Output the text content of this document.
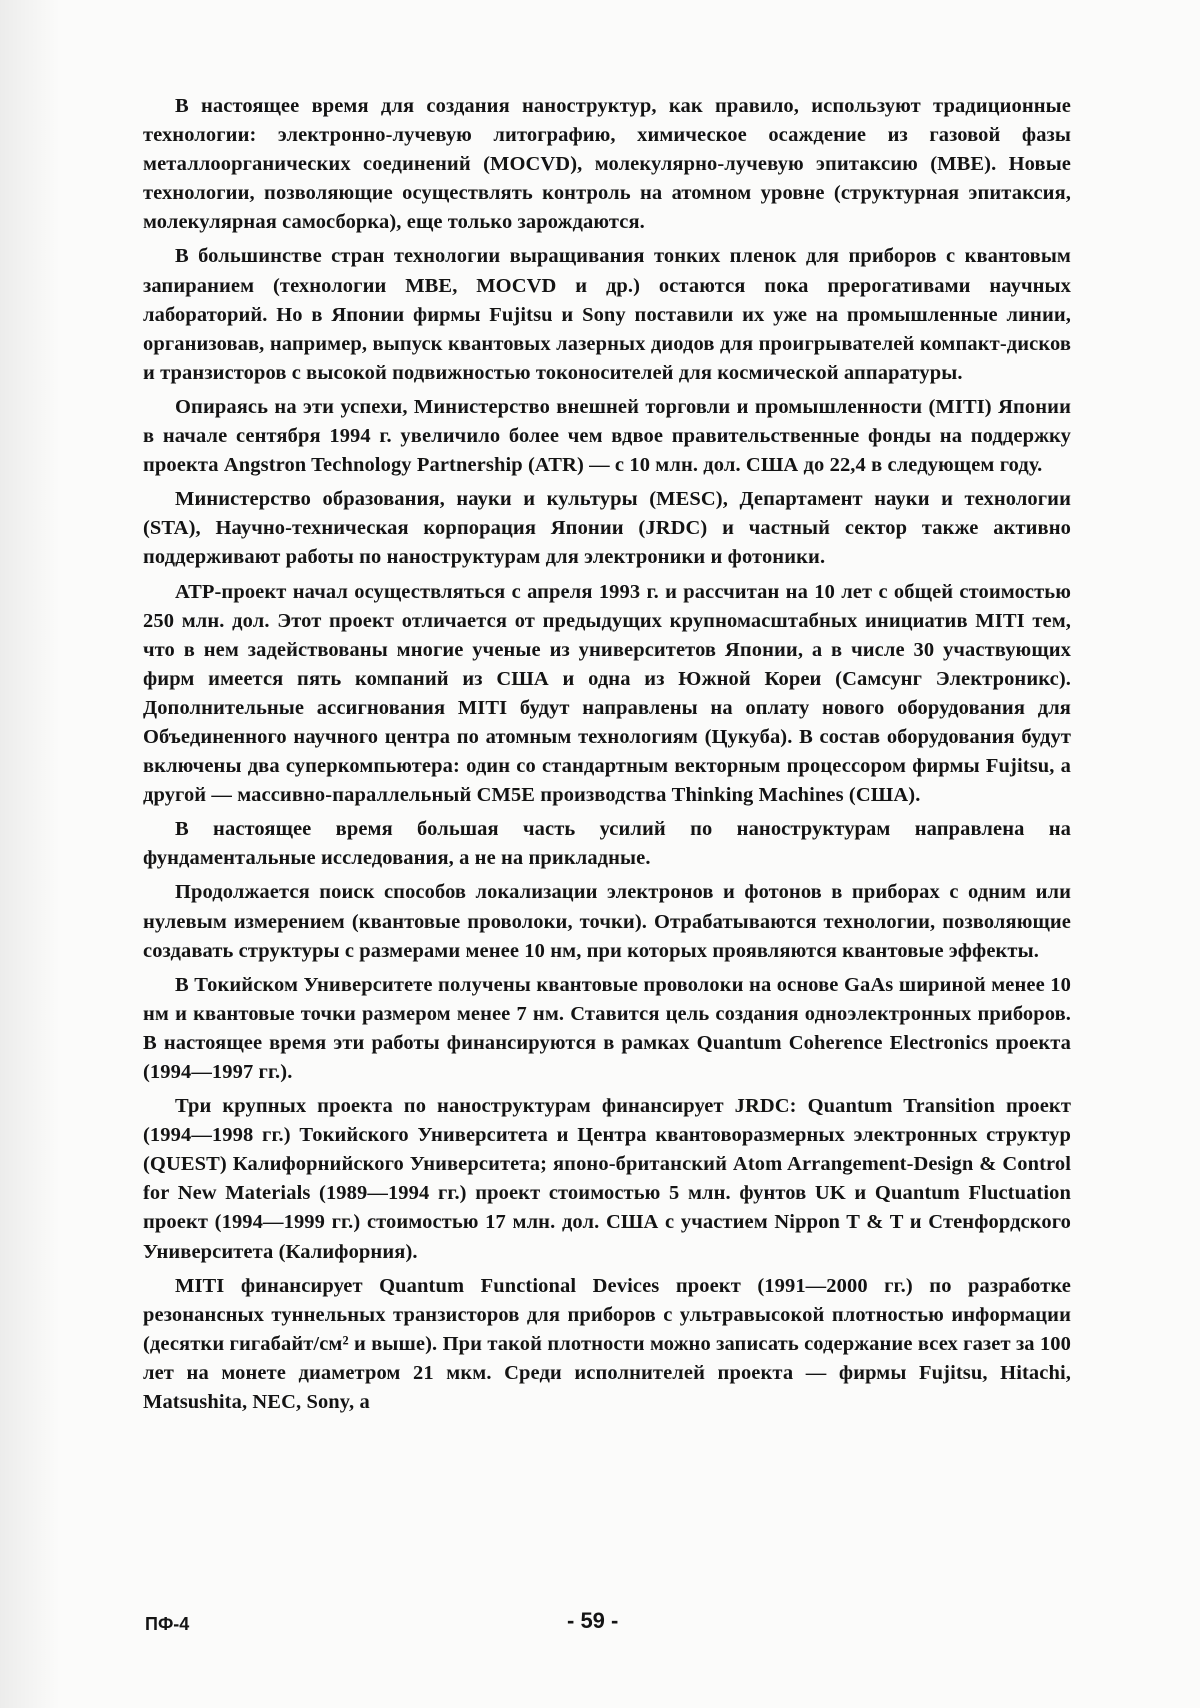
В настоящее время для создания наноструктур, как правило, используют традиционные технологии: электронно-лучевую литографию, химическое осаждение из газовой фазы металлоорганических соединений (MOCVD), молекулярно-лучевую эпитаксию (MBE). Новые технологии, позволяющие осуществлять контроль на атомном уровне (структурная эпитаксия, молекулярная самосборка), еще только зарождаются.

В большинстве стран технологии выращивания тонких пленок для приборов с квантовым запиранием (технологии MBE, MOCVD и др.) остаются пока прерогативами научных лабораторий. Но в Японии фирмы Fujitsu и Sony поставили их уже на промышленные линии, организовав, например, выпуск квантовых лазерных диодов для проигрывателей компакт-дисков и транзисторов с высокой подвижностью токоносителей для космической аппаратуры.

Опираясь на эти успехи, Министерство внешней торговли и промышленности (MITI) Японии в начале сентября 1994 г. увеличило более чем вдвое правительственные фонды на поддержку проекта Angstron Technology Partnership (ATR) — с 10 млн. дол. США до 22,4 в следующем году.

Министерство образования, науки и культуры (MESC), Департамент науки и технологии (STA), Научно-техническая корпорация Японии (JRDC) и частный сектор также активно поддерживают работы по наноструктурам для электроники и фотоники.

АТР-проект начал осуществляться с апреля 1993 г. и рассчитан на 10 лет с общей стоимостью 250 млн. дол. Этот проект отличается от предыдущих крупномасштабных инициатив MITI тем, что в нем задействованы многие ученые из университетов Японии, а в числе 30 участвующих фирм имеется пять компаний из США и одна из Южной Кореи (Самсунг Электроникс). Дополнительные ассигнования MITI будут направлены на оплату нового оборудования для Объединенного научного центра по атомным технологиям (Цукуба). В состав оборудования будут включены два суперкомпьютера: один со стандартным векторным процессором фирмы Fujitsu, а другой — массивно-параллельный CM5E производства Thinking Machines (США).

В настоящее время большая часть усилий по наноструктурам направлена на фундаментальные исследования, а не на прикладные.

Продолжается поиск способов локализации электронов и фотонов в приборах с одним или нулевым измерением (квантовые проволоки, точки). Отрабатываются технологии, позволяющие создавать структуры с размерами менее 10 нм, при которых проявляются квантовые эффекты.

В Токийском Университете получены квантовые проволоки на основе GaAs шириной менее 10 нм и квантовые точки размером менее 7 нм. Ставится цель создания одноэлектронных приборов. В настоящее время эти работы финансируются в рамках Quantum Coherence Electronics проекта (1994—1997 гг.).

Три крупных проекта по наноструктурам финансирует JRDC: Quantum Transition проект (1994—1998 гг.) Токийского Университета и Центра квантоворазмерных электронных структур (QUEST) Калифорнийского Университета; японо-британский Atom Arrangement-Design & Control for New Materials (1989—1994 гг.) проект стоимостью 5 млн. фунтов UK и Quantum Fluctuation проект (1994—1999 гг.) стоимостью 17 млн. дол. США с участием Nippon T & T и Стенфордского Университета (Калифорния).

MITI финансирует Quantum Functional Devices проект (1991—2000 гг.) по разработке резонансных туннельных транзисторов для приборов с ультравысокой плотностью информации (десятки гигабайт/см² и выше). При такой плотности можно записать содержание всех газет за 100 лет на монете диаметром 21 мкм. Среди исполнителей проекта — фирмы Fujitsu, Hitachi, Matsushita, NEC, Sony, а

ПФ-4	- 59 -
